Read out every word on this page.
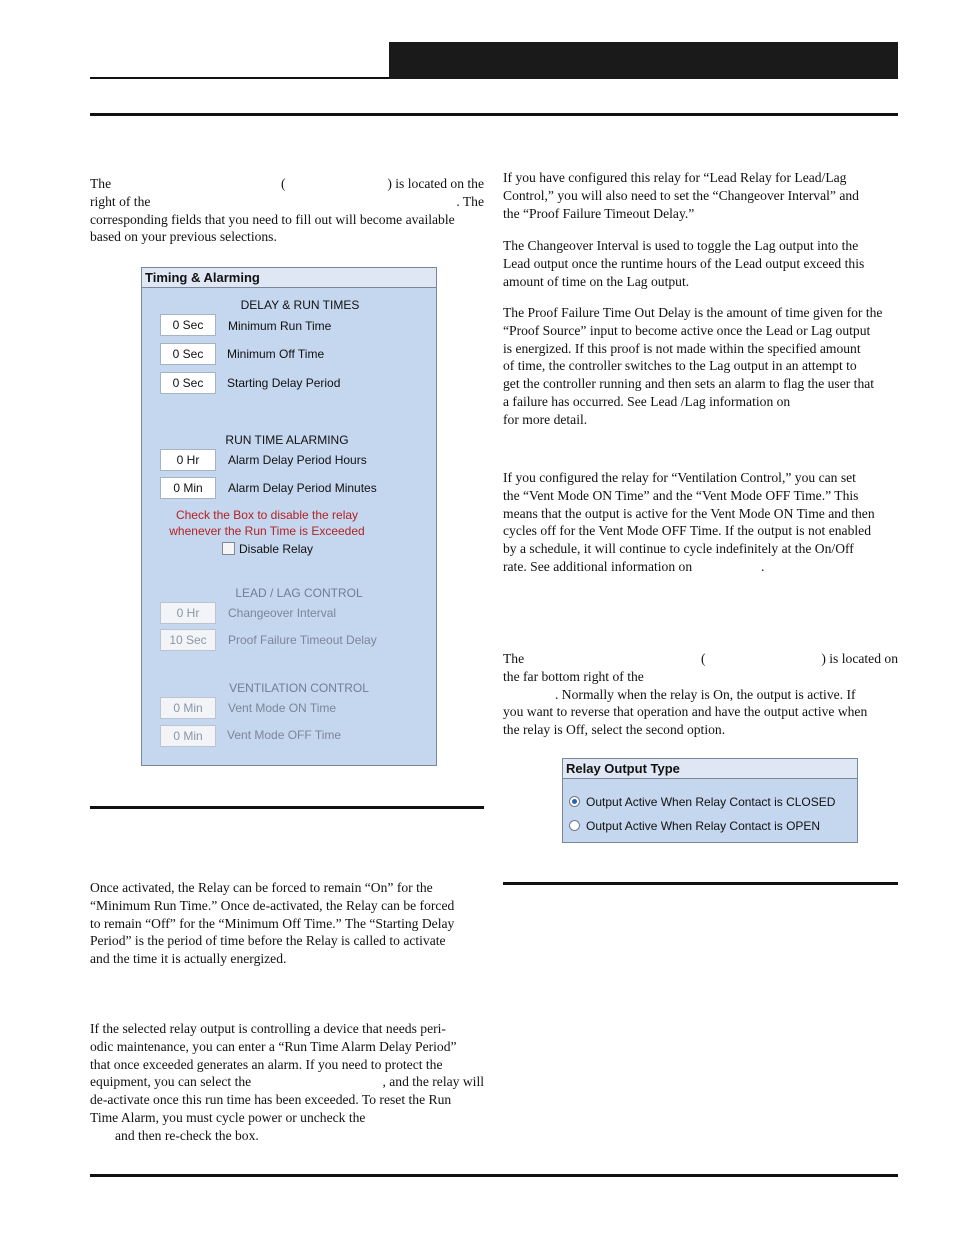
The	(	) is located on the
right of the	. The

corresponding fields that you need to fill out will become available

based on your previous selections.

Timing & Alarming
DELAY & RUN TIMES
0 Sec	Minimum Run Time
0 Sec	Minimum Off Time
0 Sec	Starting Delay Period
RUN TIME ALARMING
0 Hr	Alarm Delay Period Hours
0 Min	Alarm Delay Period Minutes
Check the Box to disable the relay
whenever the Run Time is Exceeded
Disable Relay
LEAD / LAG CONTROL
0 Hr	Changeover Interval
10 Sec	Proof Failure Timeout Delay
VENTILATION CONTROL
0 Min	Vent Mode ON Time
0 Min	Vent Mode OFF Time

Once activated, the Relay can be forced to remain “On” for the

“Minimum Run Time.” Once de-activated, the Relay can be forced

to remain “Off” for the “Minimum Off Time.” The “Starting Delay

Period” is the period of time before the Relay is called to activate

and the time it is actually energized.

If the selected relay output is controlling a device that needs peri-

odic maintenance, you can enter a “Run Time Alarm Delay Period”

that once exceeded generates an alarm. If you need to protect the

equipment, you can select the	, and the relay will

de-activate once this run time has been exceeded. To reset the Run

Time Alarm, you must cycle power or uncheck the

and then re-check the box.

If you have configured this relay for “Lead Relay for Lead/Lag

Control,” you will also need to set the “Changeover Interval” and

the “Proof Failure Timeout Delay.”

The Changeover Interval is used to toggle the Lag output into the

Lead output once the runtime hours of the Lead output exceed this

amount of time on the Lag output.

The Proof Failure Time Out Delay is the amount of time given for the

“Proof Source” input to become active once the Lead or Lag output

is energized. If this proof is not made within the specified amount

of time, the controller switches to the Lag output in an attempt to

get the controller running and then sets an alarm to flag the user that

a failure has occurred. See Lead /Lag information on

for more detail.

If you configured the relay for “Ventilation Control,” you can set

the “Vent Mode ON Time” and the “Vent Mode OFF Time.” This

means that the output is active for the Vent Mode ON Time and then

cycles off for the Vent Mode OFF Time. If the output is not enabled

by a schedule, it will continue to cycle indefinitely at the On/Off

rate. See additional information on	.
The	(	) is located on

the far bottom right of the

. Normally when the relay is On, the output is active. If

you want to reverse that operation and have the output active when

the relay is Off, select the second option.

Relay Output Type
Output Active When Relay Contact is CLOSED
Output Active When Relay Contact is OPEN
